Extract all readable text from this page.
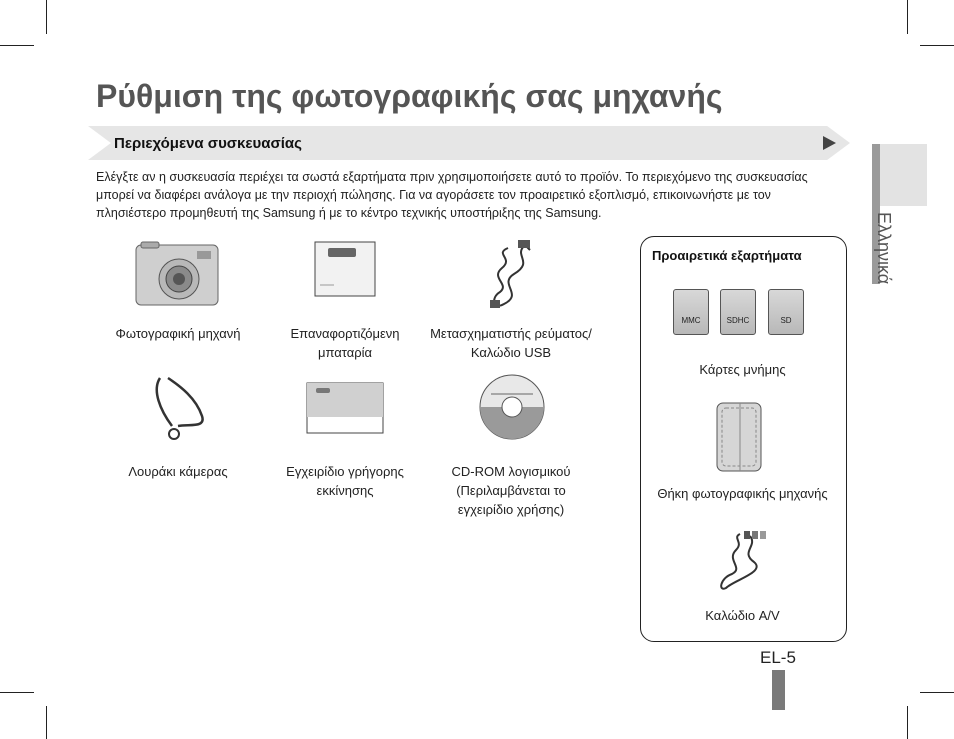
Ρύθμιση της φωτογραφικής σας μηχανής
Περιεχόμενα συσκευασίας

Ελέγξτε αν η συσκευασία περιέχει τα σωστά εξαρτήματα πριν χρησιμοποιήσετε αυτό το προϊόν. Το περιεχόμενο της συσκευασίας μπορεί να διαφέρει ανάλογα με την περιοχή πώλησης. Για να αγοράσετε τον προαιρετικό εξοπλισμό, επικοινωνήστε με τον πλησιέστερο προμηθευτή της Samsung ή με το κέντρο τεχνικής υποστήριξης της Samsung.	Ελληνικά
Φωτογραφική μηχανή	Επαναφορτιζόμενη μπαταρία
Μετασχηματιστής ρεύματος/Καλώδιο USB
Λουράκι κάμερας	Εγχειρίδιο γρήγορης εκκίνησης
CD-ROM λογισμικού (Περιλαμβάνεται το εγχειρίδιο χρήσης)
Προαιρετικά εξαρτήματα
MMC	SDHC	SD
Κάρτες μνήμης
Θήκη φωτογραφικής μηχανής
Καλώδιο A/V
EL-5
